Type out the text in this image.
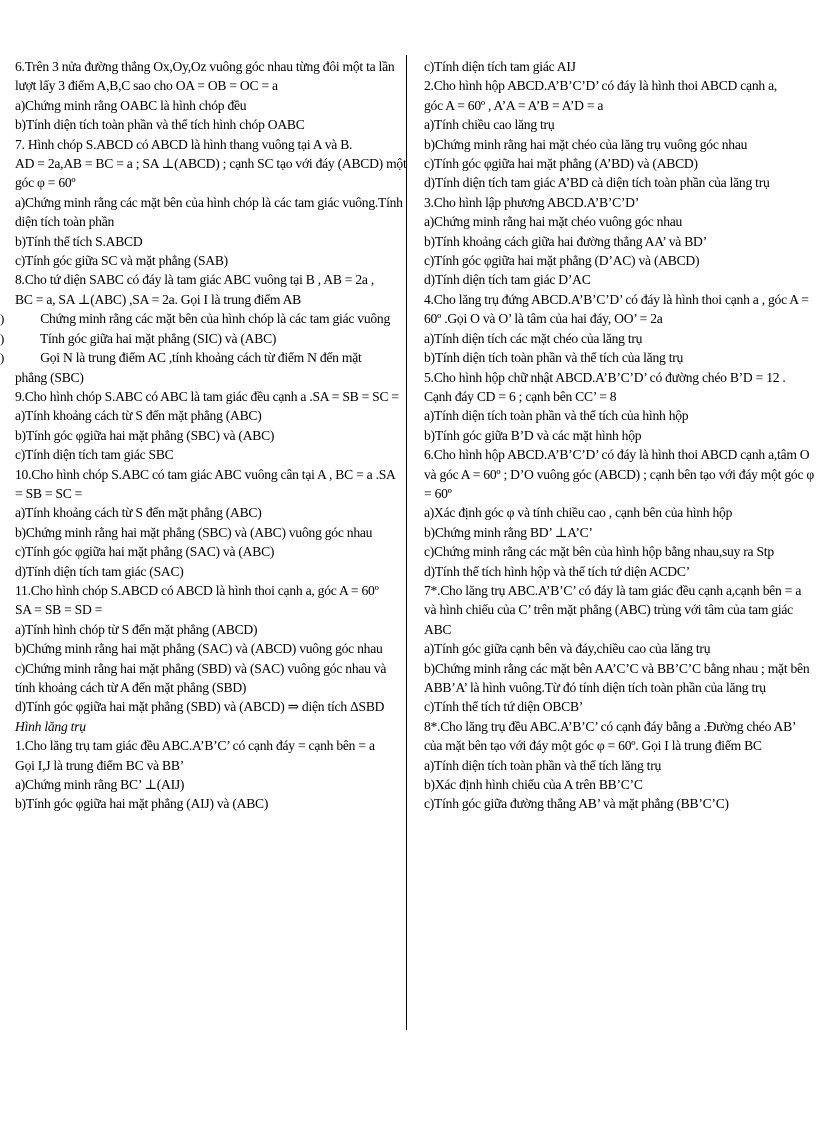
6.Trên 3 nửa đường thẳng Ox,Oy,Oz vuông góc nhau từng đôi một ta lần
lượt lấy 3 điểm A,B,C sao cho OA = OB = OC = a
a)Chứng minh rằng OABC là hình chóp đều
b)Tính diện tích toàn phần và thể tích hình chóp OABC
7. Hình chóp S.ABCD có ABCD là hình thang vuông tại A và B.
AD = 2a,AB = BC = a ; SA ⊥(ABCD) ; cạnh SC tạo với đáy (ABCD) một
góc φ = 60º
a)Chứng minh rằng các mặt bên của hình chóp là các tam giác vuông.Tính
diện tích toàn phần
b)Tính thể tích S.ABCD
c)Tính góc giữa SC và mặt phẳng (SAB)
8.Cho tứ diện SABC có đáy là tam giác ABC vuông tại B , AB = 2a ,
BC = a, SA ⊥(ABC) ,SA = 2a. Gọi I là trung điểm AB
Chứng minh rằng các mặt bên của hình chóp là các tam giác vuông
Tính góc giữa hai mặt phẳng (SIC) và (ABC)
Gọi N là trung điểm AC ,tính khoảng cách từ điểm N đến mặt
phẳng (SBC)
9.Cho hình chóp S.ABC có ABC là tam giác đều cạnh a .SA = SB = SC =
a)Tính khoảng cách từ S đến mặt phẳng (ABC)
b)Tính góc φgiữa hai mặt phẳng (SBC) và (ABC)
c)Tính diện tích tam giác SBC
10.Cho hình chóp S.ABC có tam giác ABC vuông cân tại A , BC = a .SA
= SB = SC =
a)Tính khoảng cách từ S đến mặt phẳng (ABC)
b)Chứng minh rằng hai mặt phẳng (SBC) và (ABC) vuông góc nhau
c)Tính góc φgiữa hai mặt phẳng (SAC) và (ABC)
d)Tính diện tích tam giác (SAC)
11.Cho hình chóp S.ABCD có ABCD là hình thoi cạnh a, góc A = 60º
SA = SB = SD =
a)Tính hình chóp từ S đến mặt phẳng (ABCD)
b)Chứng minh rằng hai mặt phẳng (SAC) và (ABCD) vuông góc nhau
c)Chứng minh rằng hai mặt phẳng (SBD) và (SAC) vuông góc nhau và
tính khoảng cách từ A đến mặt phẳng (SBD)
d)Tính góc φgiữa hai mặt phẳng (SBD) và (ABCD) ⇒ diện tích ΔSBD
Hình lăng trụ
1.Cho lăng trụ tam giác đều ABC.A’B’C’ có cạnh đáy = cạnh bên = a
Gọi I,J là trung điểm BC và BB’
a)Chứng minh rằng BC’ ⊥(AIJ)
b)Tính góc φgiữa hai mặt phẳng (AIJ) và (ABC)
c)Tính diện tích tam giác AIJ
2.Cho hình hộp ABCD.A’B’C’D’ có đáy là hình thoi ABCD cạnh a,
góc A = 60º , A’A = A’B = A’D = a
a)Tính chiều cao lăng trụ
b)Chứng minh rằng hai mặt chéo của lăng trụ vuông góc nhau
c)Tính góc φgiữa hai mặt phẳng (A’BD) và (ABCD)
d)Tính diện tích tam giác A’BD cà diện tích toàn phần của lăng trụ
3.Cho hình lập phương ABCD.A’B’C’D’
a)Chứng minh rằng hai mặt chéo vuông góc nhau
b)Tính khoảng cách giữa hai đường thẳng AA’ và BD’
c)Tính góc φgiữa hai mặt phẳng (D’AC) và (ABCD)
d)Tính diện tích tam giác D’AC
4.Cho lăng trụ đứng ABCD.A’B’C’D’ có đáy là hình thoi cạnh a , góc A =
60º .Gọi O và O’ là tâm của hai đáy, OO’ = 2a
a)Tính diện tích các mặt chéo của lăng trụ
b)Tính diện tích toàn phần và thể tích của lăng trụ
5.Cho hình hộp chữ nhật ABCD.A’B’C’D’ có đường chéo B’D = 12 .
Cạnh đáy CD = 6 ; cạnh bên CC’ = 8
a)Tính diện tích toàn phần và thể tích của hình hộp
b)Tính góc giữa B’D và các mặt hình hộp
6.Cho hình hộp ABCD.A’B’C’D’ có đáy là hình thoi ABCD cạnh a,tâm O
và góc A = 60º ; D’O vuông góc (ABCD) ; cạnh bên tạo với đáy một góc φ
= 60º
a)Xác định góc φ và tính chiều cao , cạnh bên của hình hộp
b)Chứng minh rằng BD’ ⊥A’C’
c)Chứng minh rằng các mặt bên của hình hộp bằng nhau,suy ra Stp
d)Tính thể tích hình hộp và thể tích tứ diện ACDC’
7*.Cho lăng trụ ABC.A’B’C’ có đáy là tam giác đều cạnh a,cạnh bên = a
và hình chiếu của C’ trên mặt phẳng (ABC) trùng với tâm của tam giác
ABC
a)Tính góc giữa cạnh bên và đáy,chiều cao của lăng trụ
b)Chứng minh rằng các mặt bên AA’C’C và BB’C’C bằng nhau ; mặt bên
ABB’A’ là hình vuông.Từ đó tính diện tích toàn phần của lăng trụ
c)Tính thể tích tứ diện OBCB’
8*.Cho lăng trụ đều ABC.A’B’C’ có cạnh đáy bằng a .Đường chéo AB’
của mặt bên tạo với đáy một góc φ = 60º. Gọi I là trung điểm BC
a)Tính diện tích toàn phần và thể tích lăng trụ
b)Xác định hình chiếu của A trên BB’C’C
c)Tính góc giữa đường thẳng AB’ và mặt phẳng (BB’C’C)
)
)
)
